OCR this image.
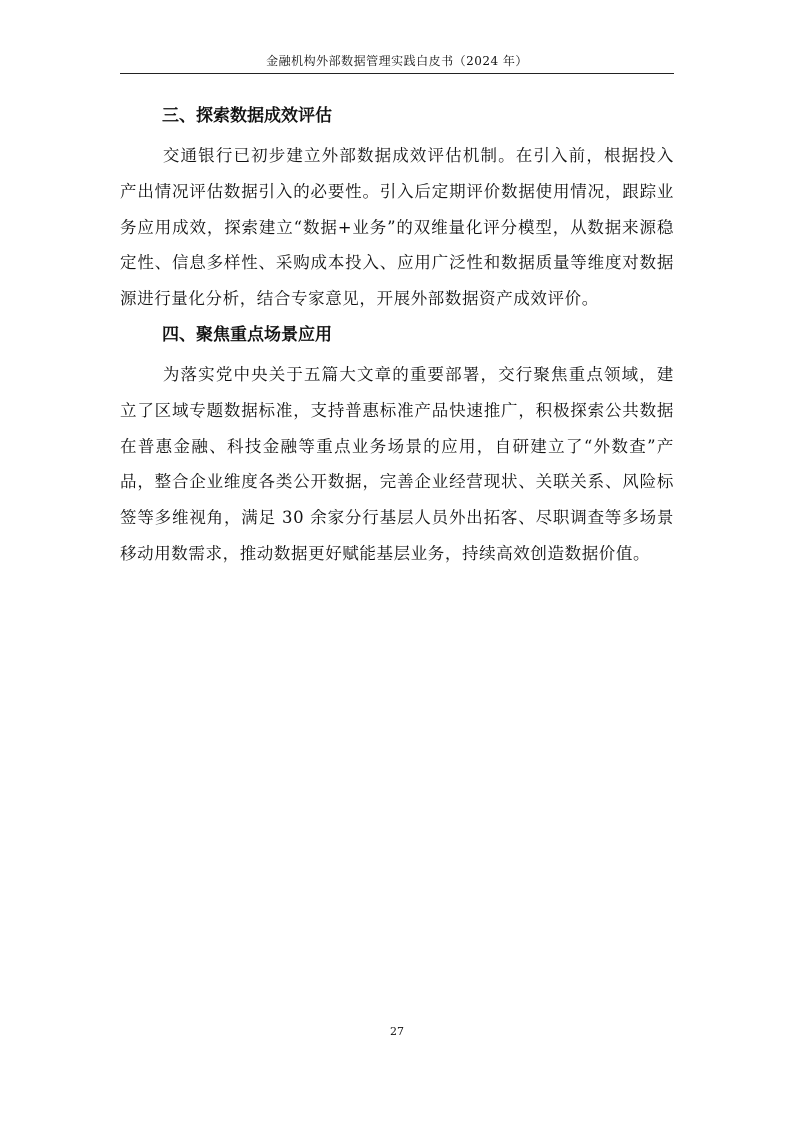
金融机构外部数据管理实践白皮书（2024 年）
三、探索数据成效评估

交通银行已初步建立外部数据成效评估机制。在引入前，根据投入产出情况评估数据引入的必要性。引入后定期评价数据使用情况，跟踪业务应用成效，探索建立“数据+业务”的双维量化评分模型，从数据来源稳定性、信息多样性、采购成本投入、应用广泛性和数据质量等维度对数据源进行量化分析，结合专家意见，开展外部数据资产成效评价。

四、聚焦重点场景应用

为落实党中央关于五篇大文章的重要部署，交行聚焦重点领域，建立了区域专题数据标准，支持普惠标准产品快速推广，积极探索公共数据在普惠金融、科技金融等重点业务场景的应用，自研建立了“外数查”产品，整合企业维度各类公开数据，完善企业经营现状、关联关系、风险标签等多维视角，满足 30 余家分行基层人员外出拓客、尽职调查等多场景移动用数需求，推动数据更好赋能基层业务，持续高效创造数据价值。

27
